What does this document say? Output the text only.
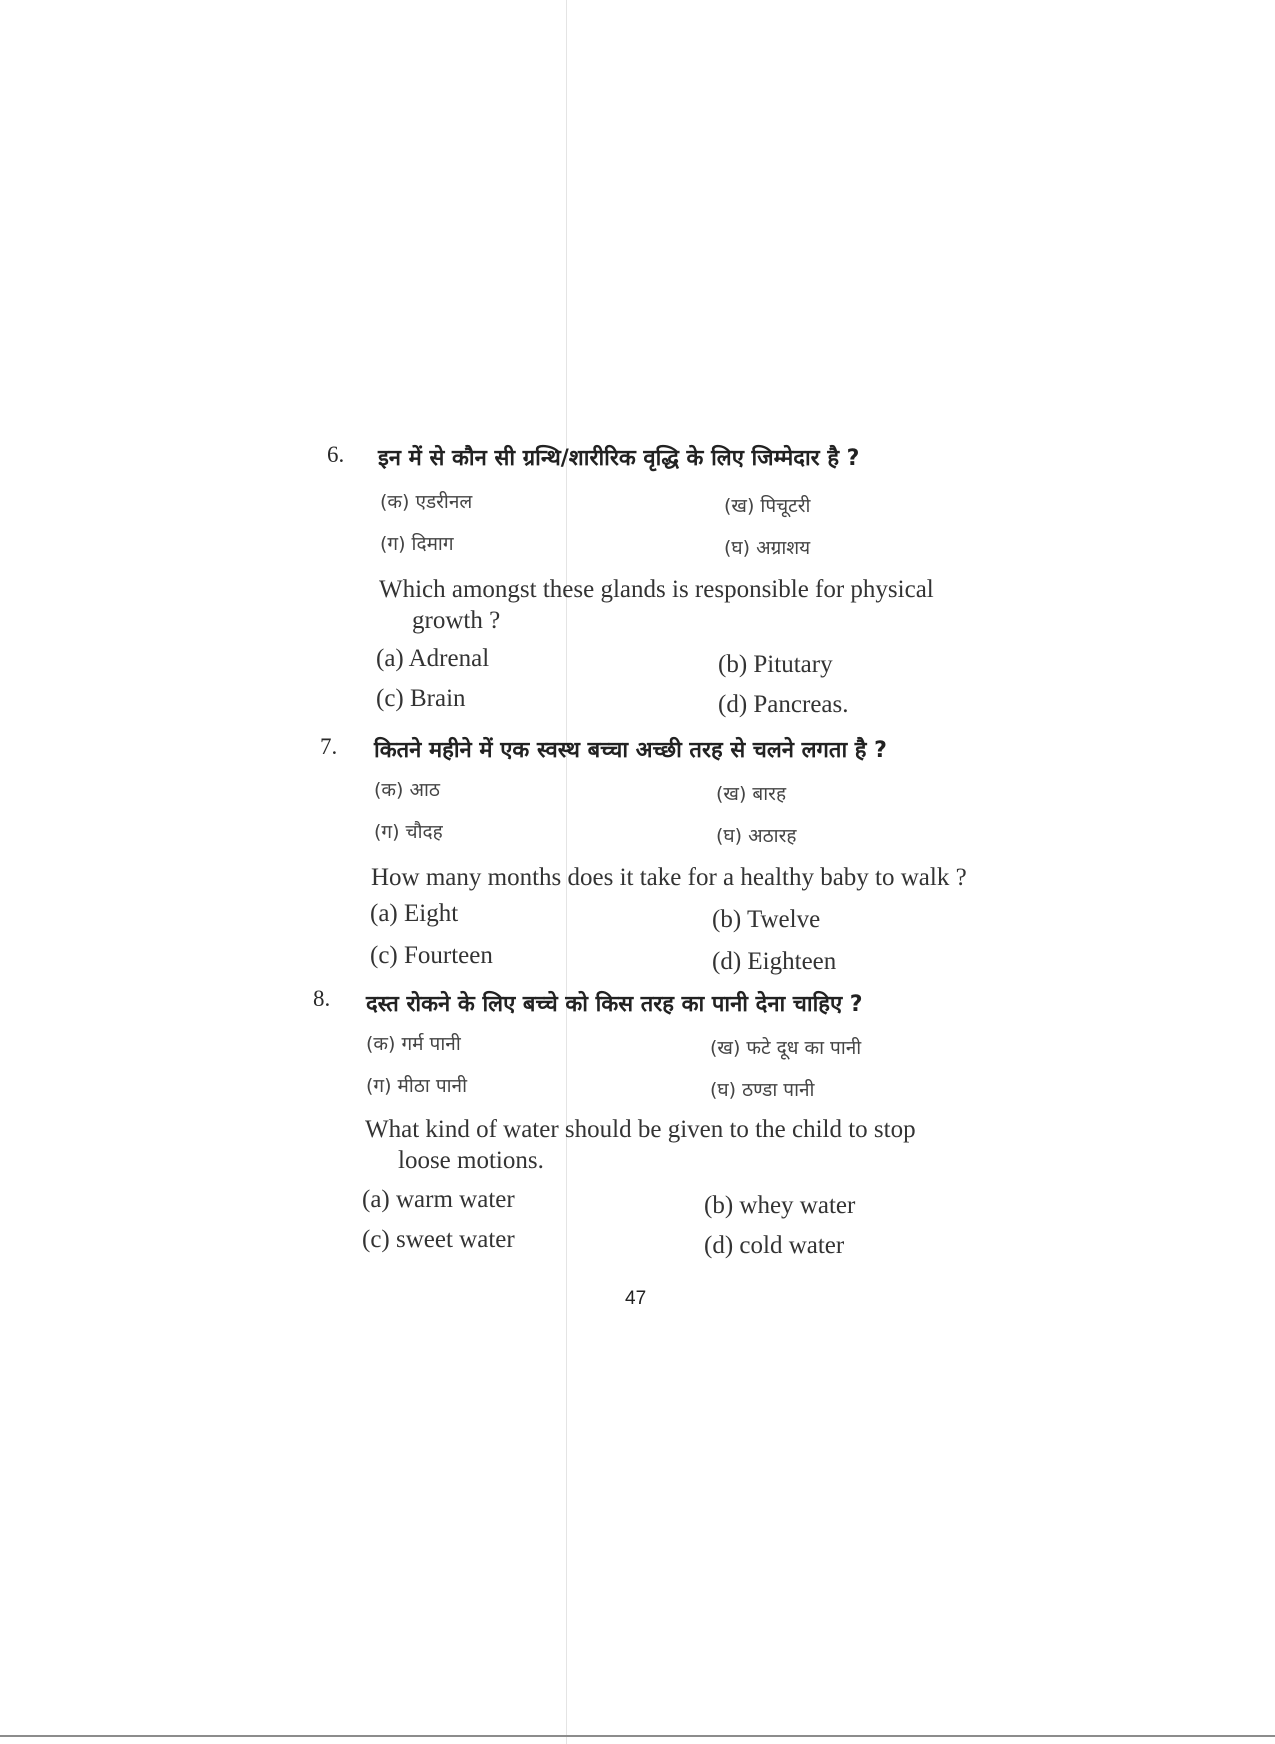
6. इन में से कौन सी ग्रन्थि/शारीरिक वृद्धि के लिए जिम्मेदार है ?
(क) एडरीनल	(ख) पिचूटरी
(ग) दिमाग	(घ) अग्राशय
Which amongst these glands is responsible for physical
growth ?
(a) Adrenal	(b) Pitutary
(c) Brain	(d) Pancreas.
7. कितने महीने में एक स्वस्थ बच्चा अच्छी तरह से चलने लगता है ?
(क) आठ	(ख) बारह
(ग) चौदह	(घ) अठारह
How many months does it take for a healthy baby to walk ?
(a) Eight	(b) Twelve
(c) Fourteen	(d) Eighteen
8. दस्त रोकने के लिए बच्चे को किस तरह का पानी देना चाहिए ?
(क) गर्म पानी	(ख) फटे दूध का पानी
(ग) मीठा पानी	(घ) ठण्डा पानी
What kind of water should be given to the child to stop
loose motions.
(a) warm water	(b) whey water
(c) sweet water	(d) cold water
47
